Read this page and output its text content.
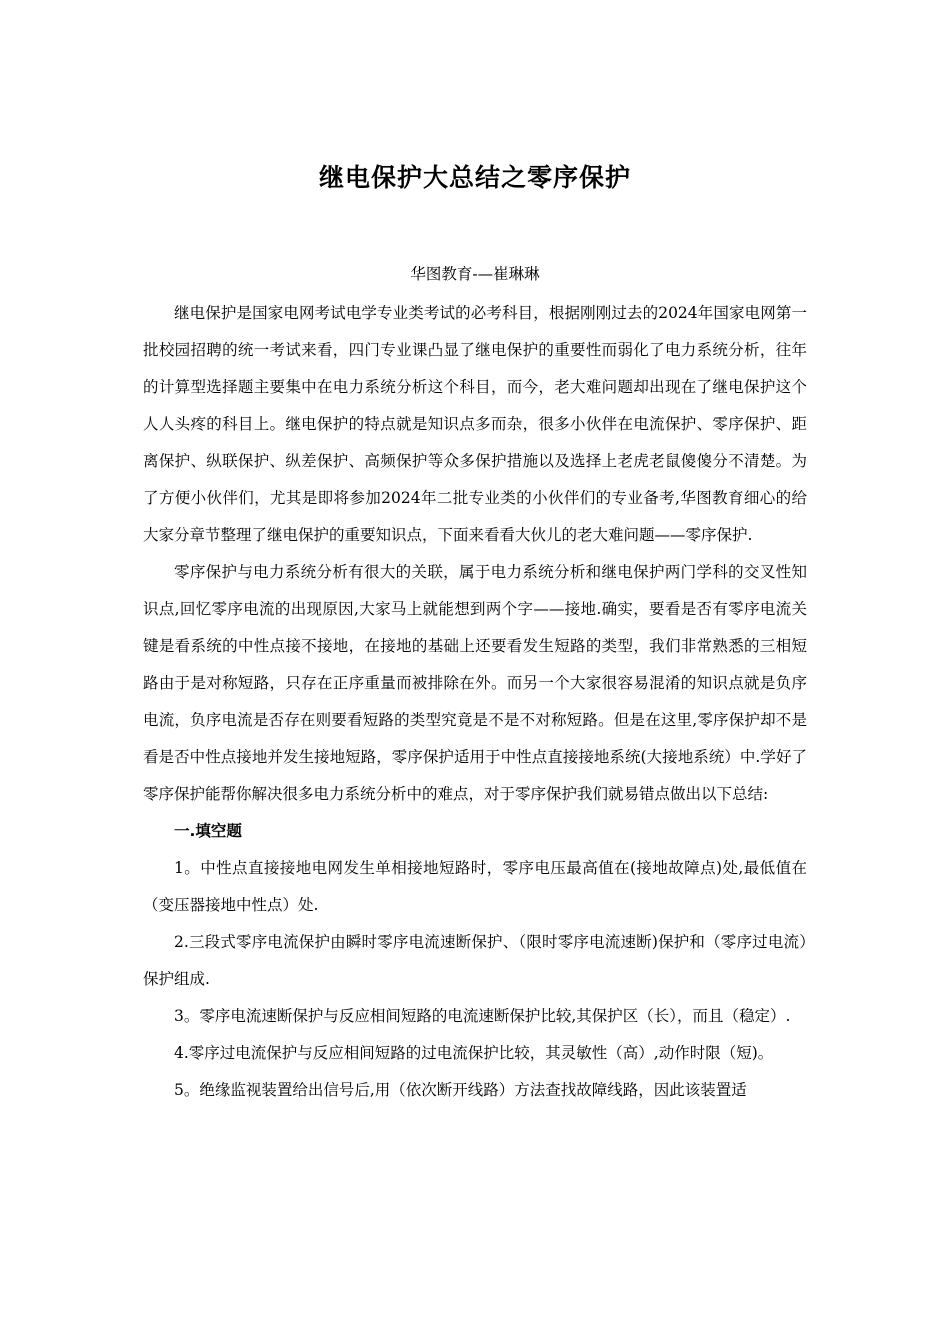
继电保护大总结之零序保护
华图教育-—崔琳琳

继电保护是国家电网考试电学专业类考试的必考科目，根据刚刚过去的2024年国家电网第一批校园招聘的统一考试来看，四门专业课凸显了继电保护的重要性而弱化了电力系统分析，往年的计算型选择题主要集中在电力系统分析这个科目，而今，老大难问题却出现在了继电保护这个人人头疼的科目上。继电保护的特点就是知识点多而杂，很多小伙伴在电流保护、零序保护、距离保护、纵联保护、纵差保护、高频保护等众多保护措施以及选择上老虎老鼠傻傻分不清楚。为了方便小伙伴们，尤其是即将参加2024年二批专业类的小伙伴们的专业备考,华图教育细心的给大家分章节整理了继电保护的重要知识点，下面来看看大伙儿的老大难问题——零序保护.

零序保护与电力系统分析有很大的关联，属于电力系统分析和继电保护两门学科的交叉性知识点,回忆零序电流的出现原因,大家马上就能想到两个字——接地.确实，要看是否有零序电流关键是看系统的中性点接不接地，在接地的基础上还要看发生短路的类型，我们非常熟悉的三相短路由于是对称短路，只存在正序重量而被排除在外。而另一个大家很容易混淆的知识点就是负序电流，负序电流是否存在则要看短路的类型究竟是不是不对称短路。但是在这里,零序保护却不是看是否中性点接地并发生接地短路，零序保护适用于中性点直接接地系统(大接地系统）中.学好了零序保护能帮你解决很多电力系统分析中的难点，对于零序保护我们就易错点做出以下总结:

一.填空题

1。中性点直接接地电网发生单相接地短路时，零序电压最高值在(接地故障点)处,最低值在（变压器接地中性点）处.

2.三段式零序电流保护由瞬时零序电流速断保护、（限时零序电流速断)保护和（零序过电流）保护组成.

3。零序电流速断保护与反应相间短路的电流速断保护比较,其保护区（长），而且（稳定）.

4.零序过电流保护与反应相间短路的过电流保护比较，其灵敏性（高）,动作时限（短)。

5。绝缘监视装置给出信号后,用（依次断开线路）方法查找故障线路，因此该装置适
